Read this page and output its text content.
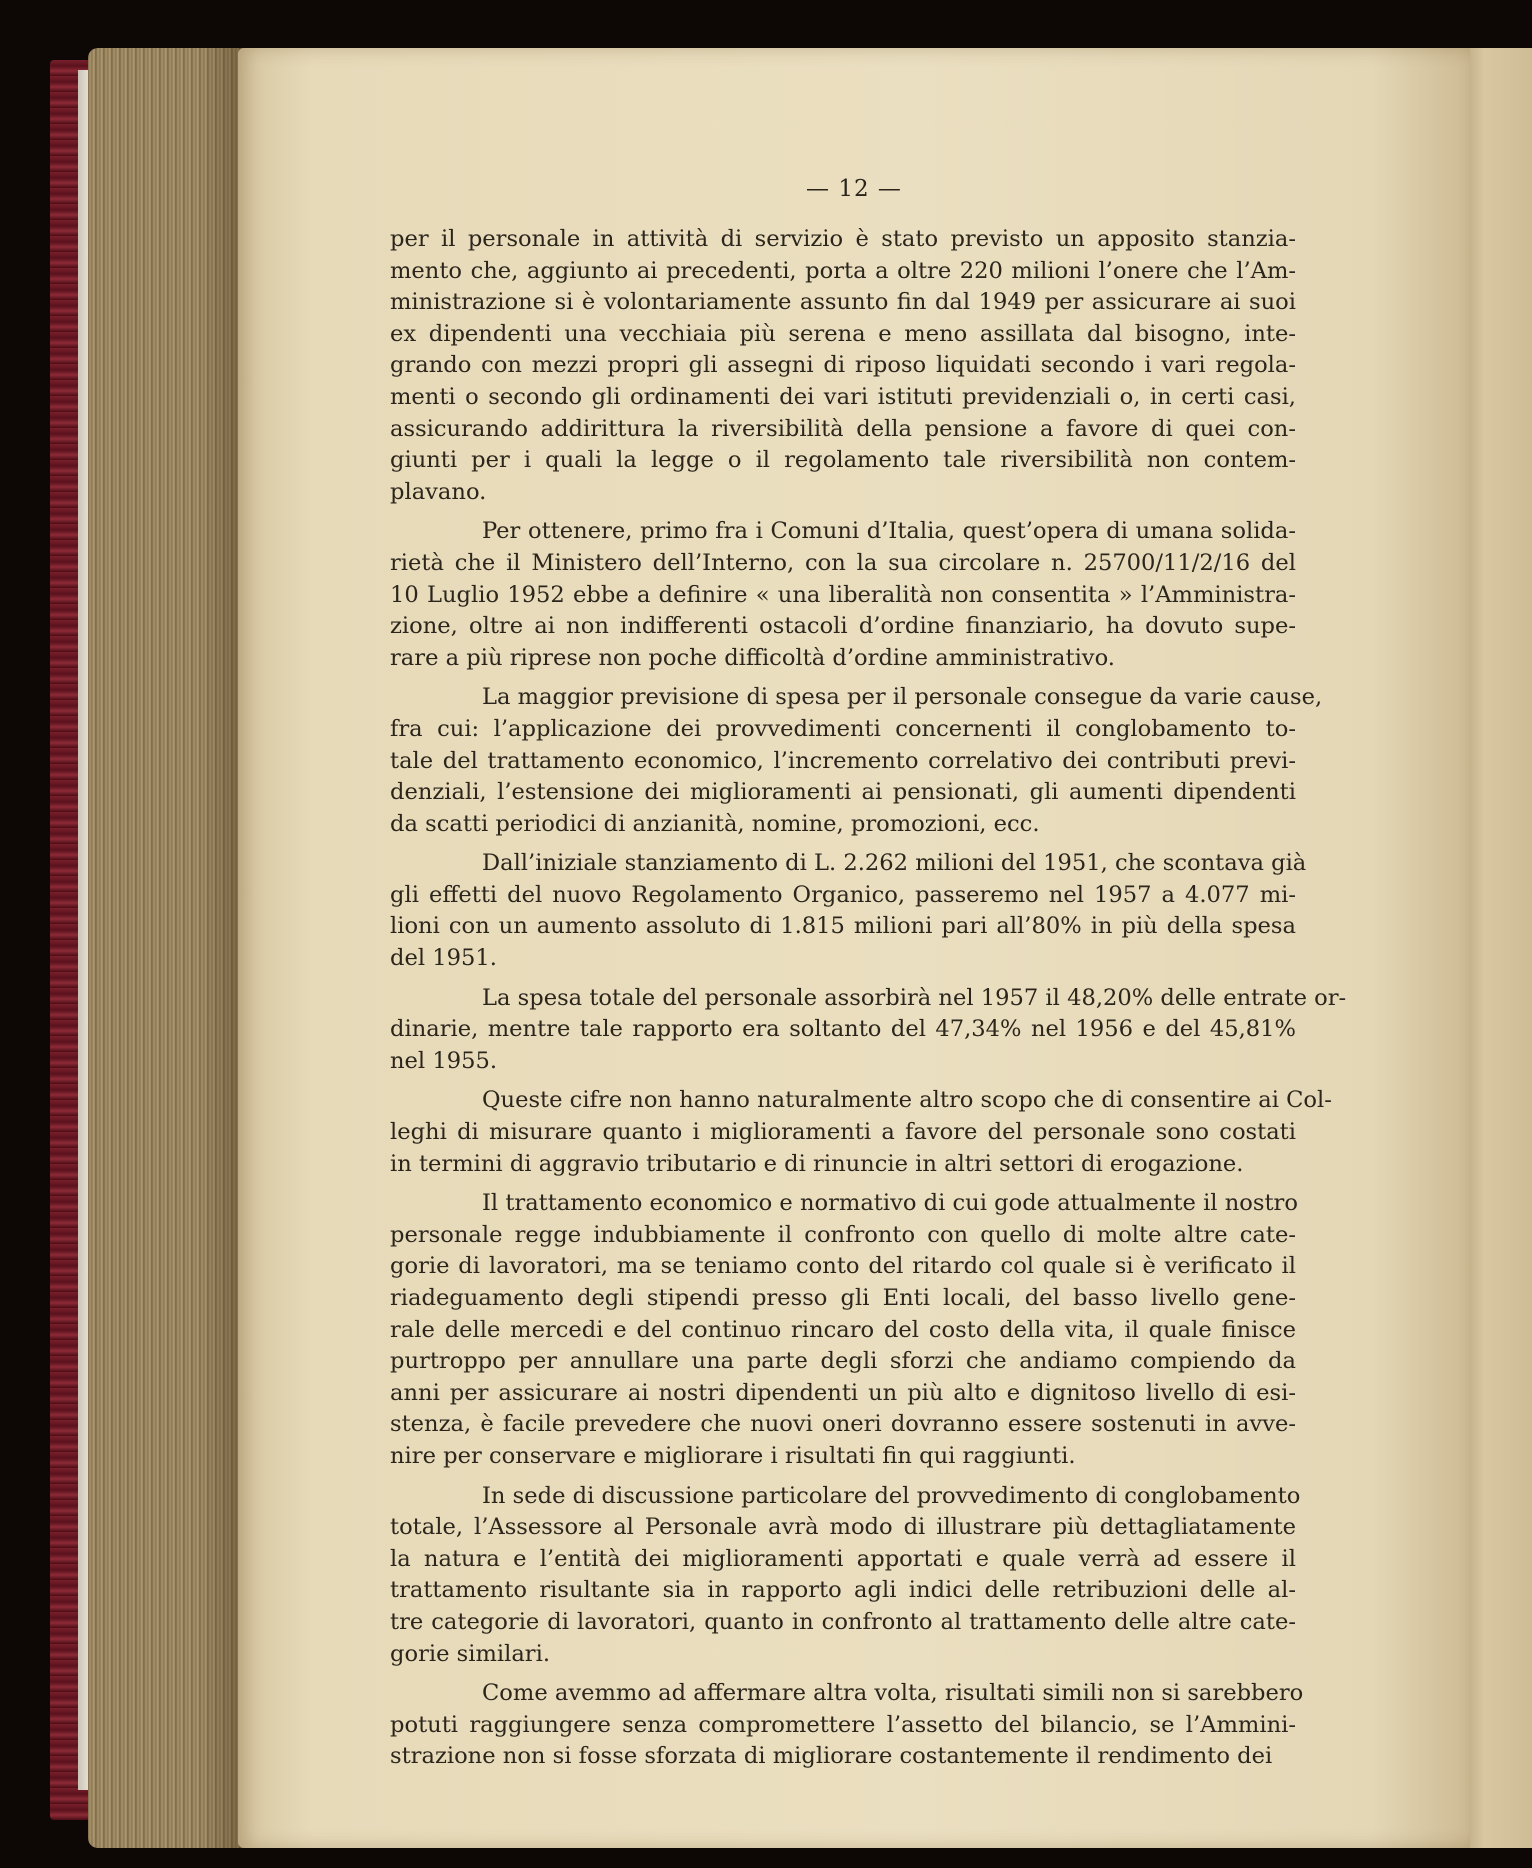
— 12 —

per il personale in attività di servizio è stato previsto un apposito stanzia-
mento che, aggiunto ai precedenti, porta a oltre 220 milioni l’onere che l’Am-
ministrazione si è volontariamente assunto fin dal 1949 per assicurare ai suoi
ex dipendenti una vecchiaia più serena e meno assillata dal bisogno, inte-
grando con mezzi propri gli assegni di riposo liquidati secondo i vari regola-
menti o secondo gli ordinamenti dei vari istituti previdenziali o, in certi casi,
assicurando addirittura la riversibilità della pensione a favore di quei con-
giunti per i quali la legge o il regolamento tale riversibilità non contem-
plavano.

Per ottenere, primo fra i Comuni d’Italia, quest’opera di umana solida-
rietà che il Ministero dell’Interno, con la sua circolare n. 25700/11/2/16 del
10 Luglio 1952 ebbe a definire « una liberalità non consentita » l’Amministra-
zione, oltre ai non indifferenti ostacoli d’ordine finanziario, ha dovuto supe-
rare a più riprese non poche difficoltà d’ordine amministrativo.

La maggior previsione di spesa per il personale consegue da varie cause,
fra cui: l’applicazione dei provvedimenti concernenti il conglobamento to-
tale del trattamento economico, l’incremento correlativo dei contributi previ-
denziali, l’estensione dei miglioramenti ai pensionati, gli aumenti dipendenti
da scatti periodici di anzianità, nomine, promozioni, ecc.

Dall’iniziale stanziamento di L. 2.262 milioni del 1951, che scontava già
gli effetti del nuovo Regolamento Organico, passeremo nel 1957 a 4.077 mi-
lioni con un aumento assoluto di 1.815 milioni pari all’80% in più della spesa
del 1951.

La spesa totale del personale assorbirà nel 1957 il 48,20% delle entrate or-
dinarie, mentre tale rapporto era soltanto del 47,34% nel 1956 e del 45,81%
nel 1955.

Queste cifre non hanno naturalmente altro scopo che di consentire ai Col-
leghi di misurare quanto i miglioramenti a favore del personale sono costati
in termini di aggravio tributario e di rinuncie in altri settori di erogazione.

Il trattamento economico e normativo di cui gode attualmente il nostro
personale regge indubbiamente il confronto con quello di molte altre cate-
gorie di lavoratori, ma se teniamo conto del ritardo col quale si è verificato il
riadeguamento degli stipendi presso gli Enti locali, del basso livello gene-
rale delle mercedi e del continuo rincaro del costo della vita, il quale finisce
purtroppo per annullare una parte degli sforzi che andiamo compiendo da
anni per assicurare ai nostri dipendenti un più alto e dignitoso livello di esi-
stenza, è facile prevedere che nuovi oneri dovranno essere sostenuti in avve-
nire per conservare e migliorare i risultati fin qui raggiunti.

In sede di discussione particolare del provvedimento di conglobamento
totale, l’Assessore al Personale avrà modo di illustrare più dettagliatamente
la natura e l’entità dei miglioramenti apportati e quale verrà ad essere il
trattamento risultante sia in rapporto agli indici delle retribuzioni delle al-
tre categorie di lavoratori, quanto in confronto al trattamento delle altre cate-
gorie similari.

Come avemmo ad affermare altra volta, risultati simili non si sarebbero
potuti raggiungere senza compromettere l’assetto del bilancio, se l’Ammini-
strazione non si fosse sforzata di migliorare costantemente il rendimento dei
